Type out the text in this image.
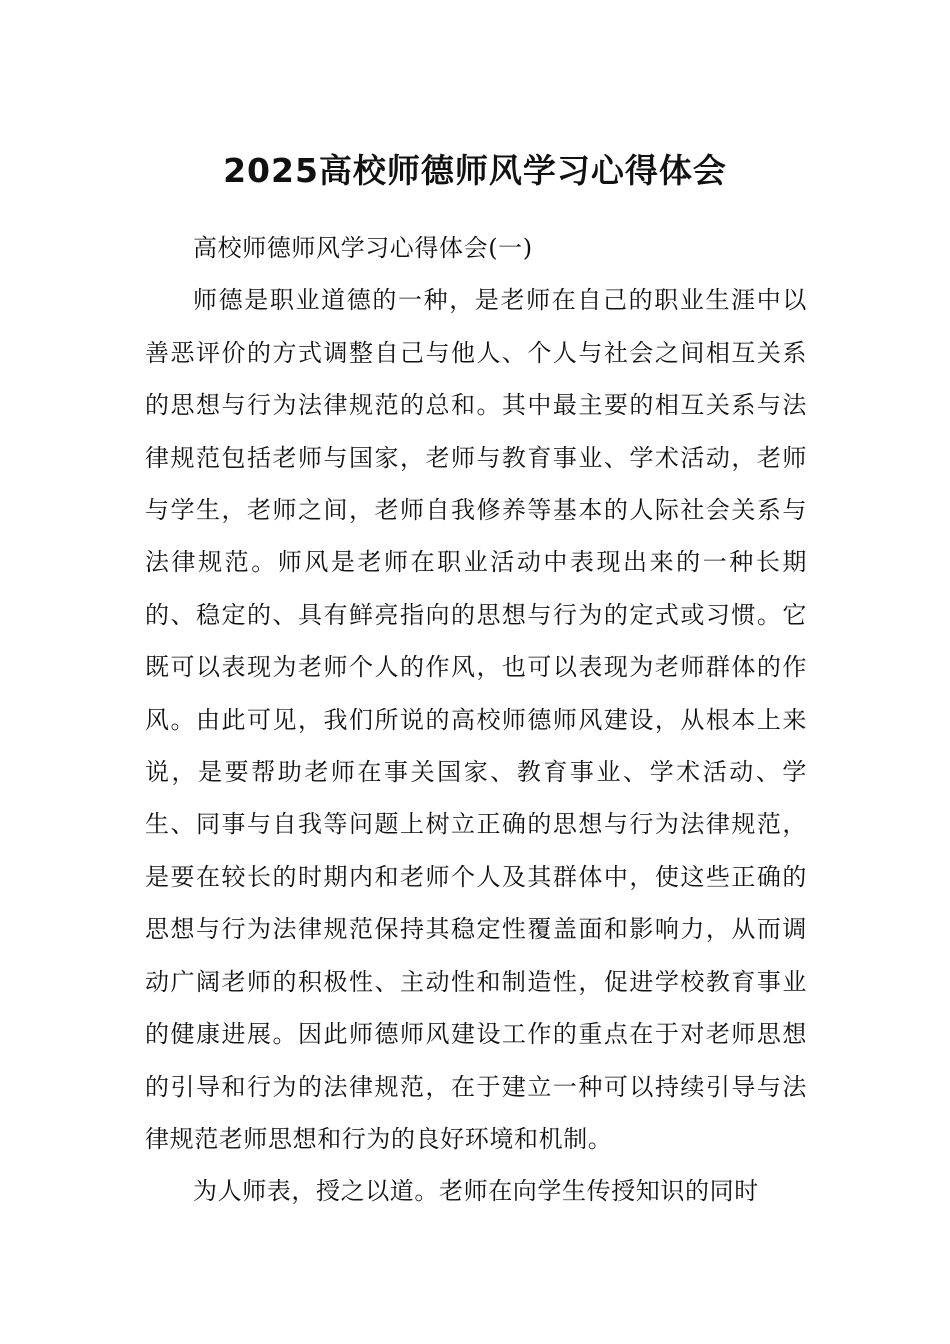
2025高校师德师风学习心得体会

高校师德师风学习心得体会(一)

师德是职业道德的一种，是老师在自己的职业生涯中以善恶评价的方式调整自己与他人、个人与社会之间相互关系的思想与行为法律规范的总和。其中最主要的相互关系与法律规范包括老师与国家，老师与教育事业、学术活动，老师与学生，老师之间，老师自我修养等基本的人际社会关系与法律规范。师风是老师在职业活动中表现出来的一种长期的、稳定的、具有鲜亮指向的思想与行为的定式或习惯。它既可以表现为老师个人的作风，也可以表现为老师群体的作风。由此可见，我们所说的高校师德师风建设，从根本上来说，是要帮助老师在事关国家、教育事业、学术活动、学生、同事与自我等问题上树立正确的思想与行为法律规范，是要在较长的时期内和老师个人及其群体中，使这些正确的思想与行为法律规范保持其稳定性覆盖面和影响力，从而调动广阔老师的积极性、主动性和制造性，促进学校教育事业的健康进展。因此师德师风建设工作的重点在于对老师思想的引导和行为的法律规范，在于建立一种可以持续引导与法律规范老师思想和行为的良好环境和机制。

为人师表，授之以道。老师在向学生传授知识的同时
